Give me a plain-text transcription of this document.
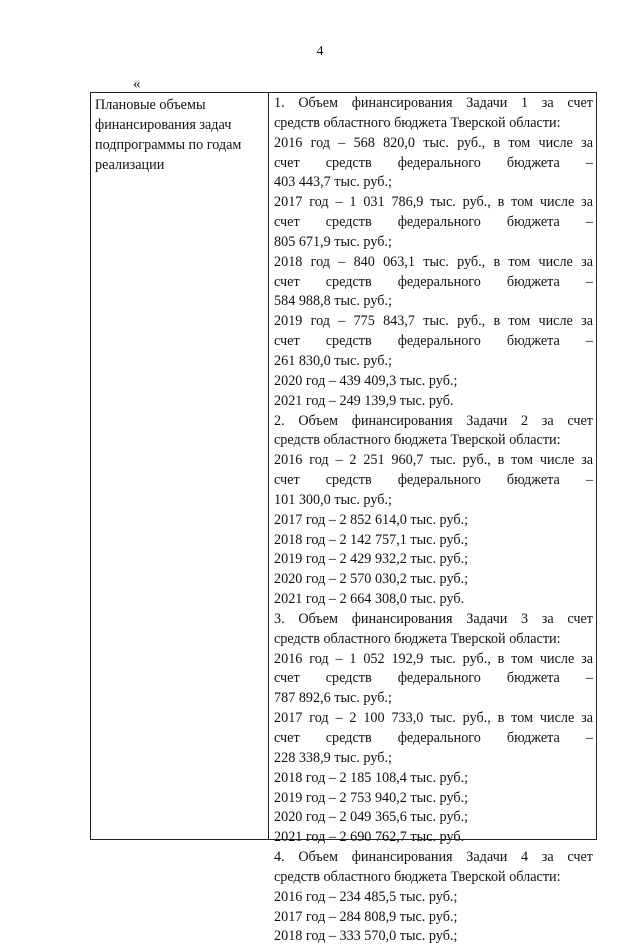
4
«
Плановые объемы
финансирования задач
подпрограммы по годам
реализации
1. Объем финансирования Задачи 1 за счет
средств областного бюджета Тверской области:
2016 год – 568 820,0 тыс. руб., в том числе за
счет средств федерального бюджета –
403 443,7 тыс. руб.;
2017 год – 1 031 786,9 тыс. руб., в том числе за
счет средств федерального бюджета –
805 671,9 тыс. руб.;
2018 год – 840 063,1 тыс. руб., в том числе за
счет средств федерального бюджета –
584 988,8 тыс. руб.;
2019 год – 775 843,7 тыс. руб., в том числе за
счет средств федерального бюджета –
261 830,0 тыс. руб.;
2020 год – 439 409,3 тыс. руб.;
2021 год – 249 139,9 тыс. руб.
2. Объем финансирования Задачи 2 за счет
средств областного бюджета Тверской области:
2016 год – 2 251 960,7 тыс. руб., в том числе за
счет средств федерального бюджета –
101 300,0 тыс. руб.;
2017 год – 2 852 614,0 тыс. руб.;
2018 год – 2 142 757,1 тыс. руб.;
2019 год – 2 429 932,2 тыс. руб.;
2020 год – 2 570 030,2 тыс. руб.;
2021 год – 2 664 308,0 тыс. руб.
3. Объем финансирования Задачи 3 за счет
средств областного бюджета Тверской области:
2016 год – 1 052 192,9 тыс. руб., в том числе за
счет средств федерального бюджета –
787 892,6 тыс. руб.;
2017 год – 2 100 733,0 тыс. руб., в том числе за
счет средств федерального бюджета –
228 338,9 тыс. руб.;
2018 год – 2 185 108,4 тыс. руб.;
2019 год – 2 753 940,2 тыс. руб.;
2020 год – 2 049 365,6 тыс. руб.;
2021 год – 2 690 762,7 тыс. руб.
4. Объем финансирования Задачи 4 за счет
средств областного бюджета Тверской области:
2016 год – 234 485,5 тыс. руб.;
2017 год – 284 808,9 тыс. руб.;
2018 год – 333 570,0 тыс. руб.;
